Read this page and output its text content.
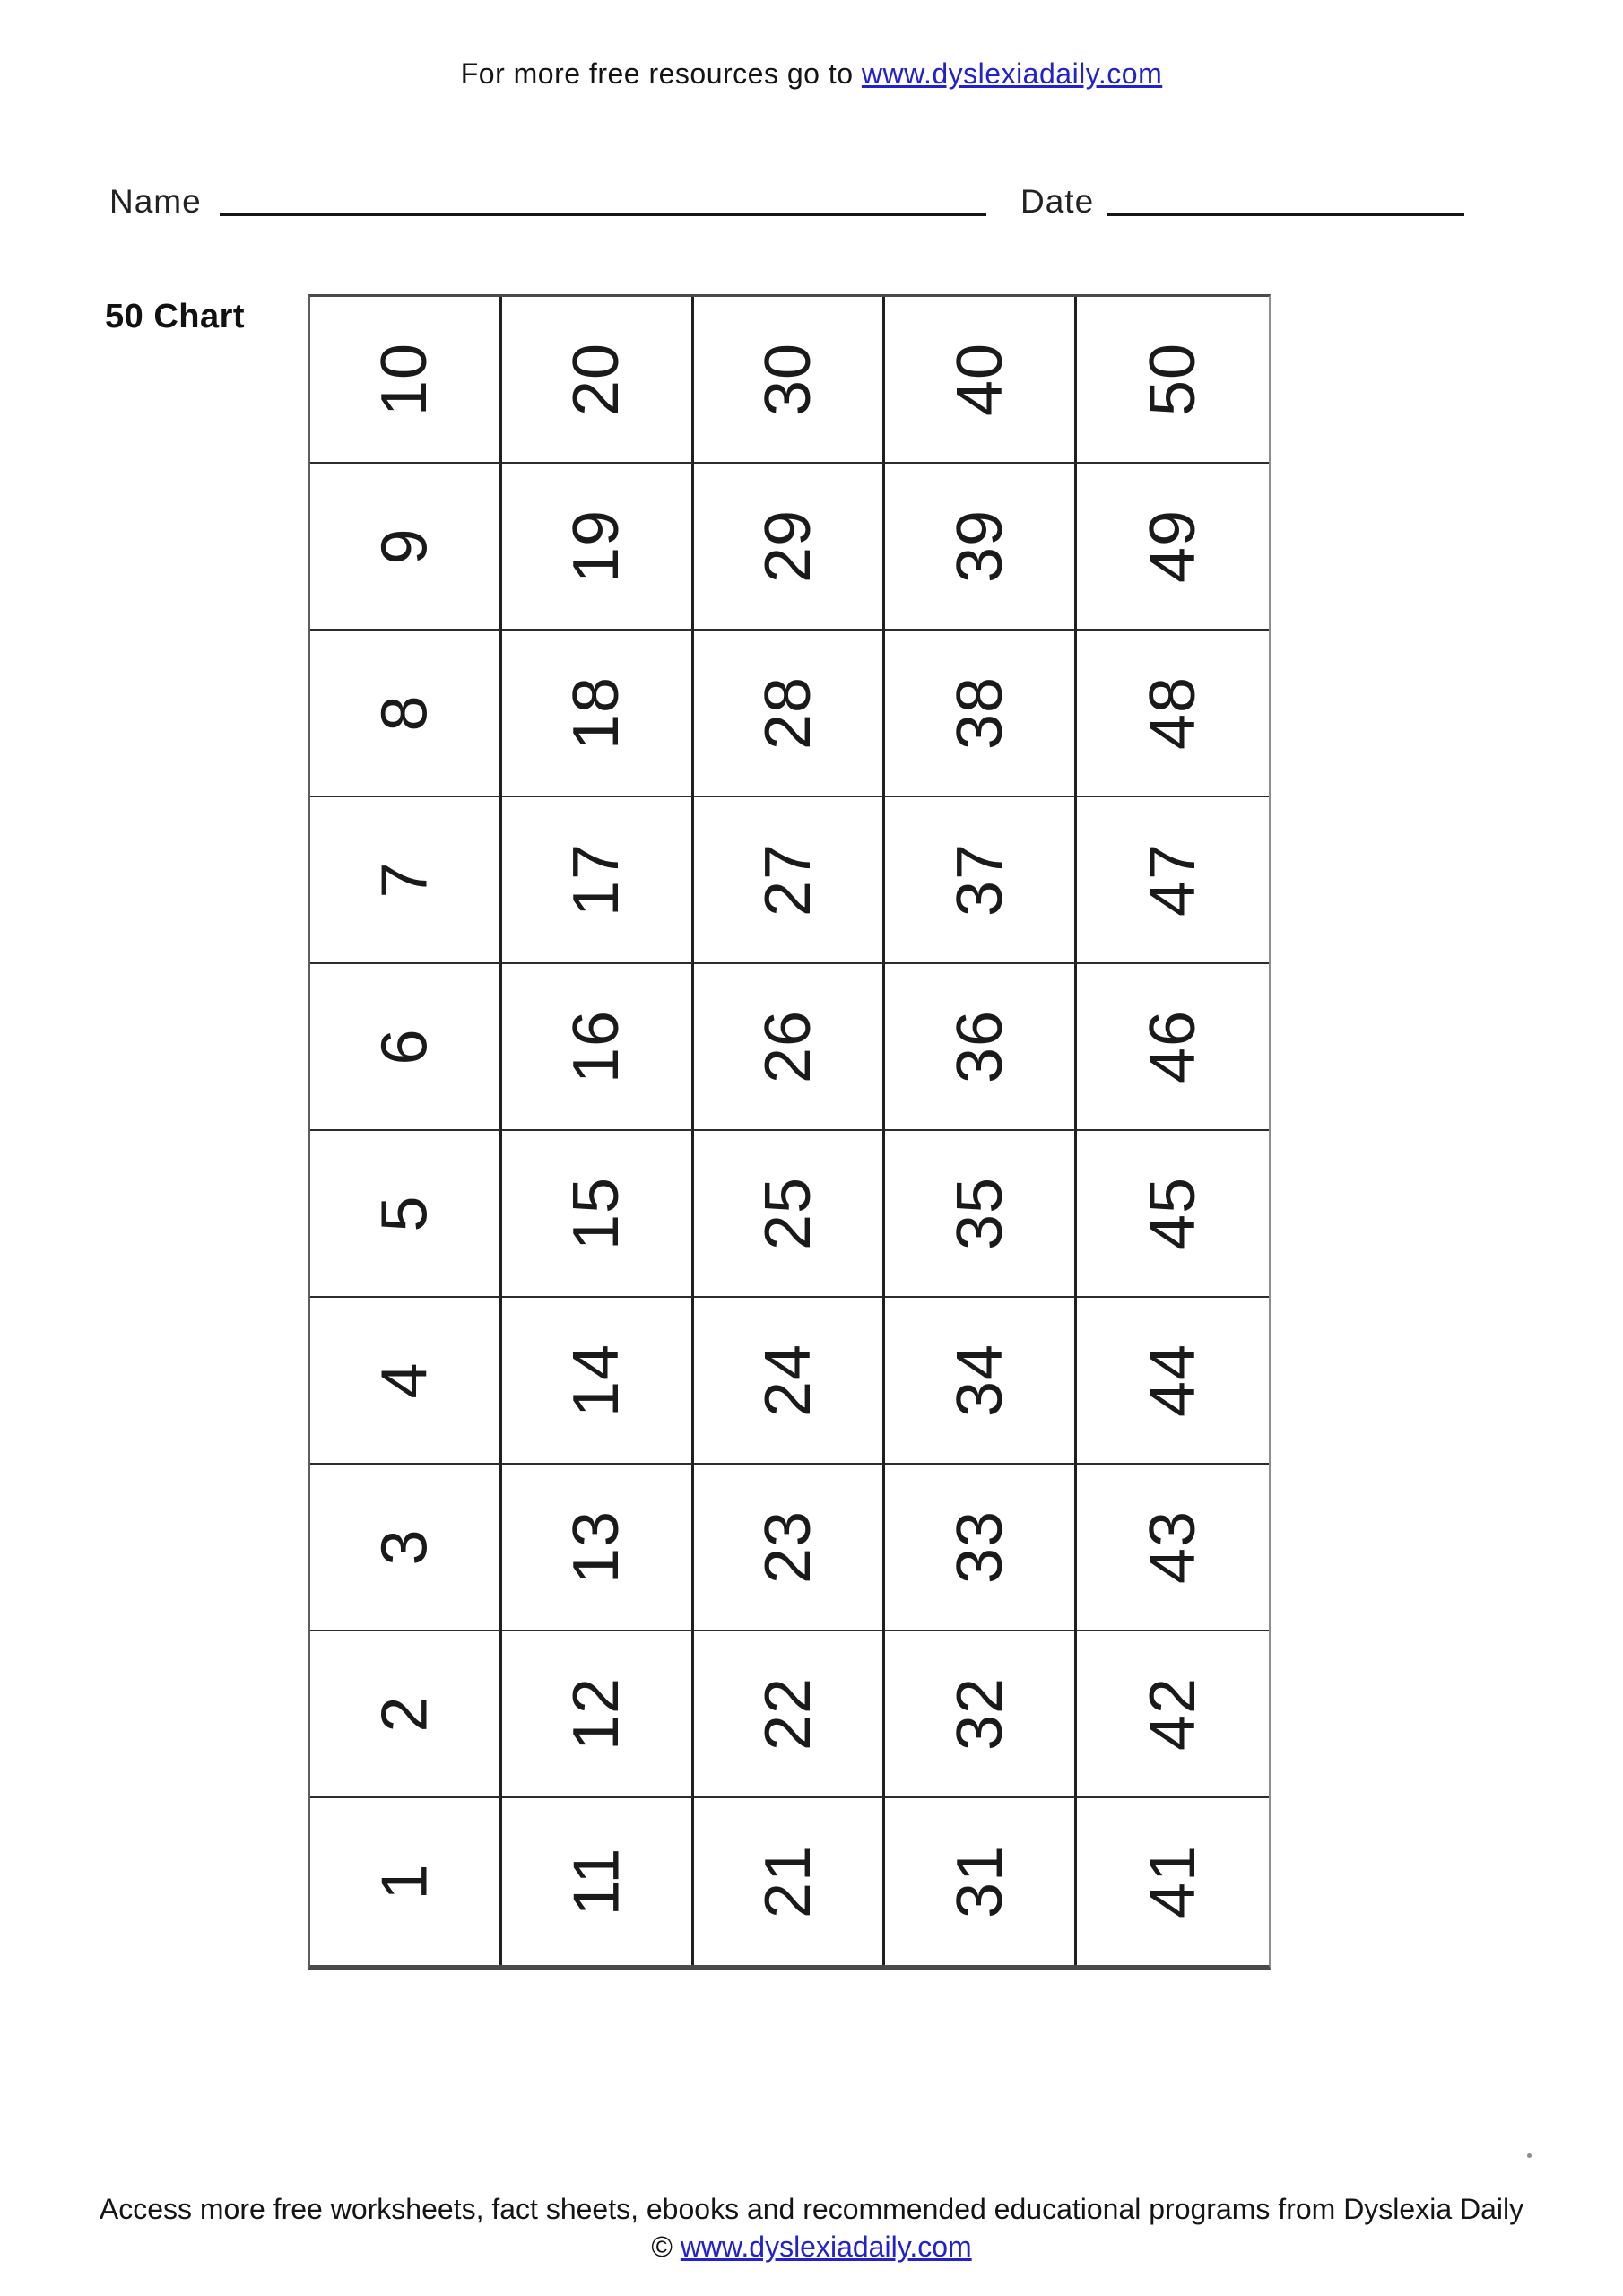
For more free resources go to www.dyslexiadaily.com
Name	Date
50 Chart
10 20 30 40 50
9 19 29 39 49
8 18 28 38 48
7 17 27 37 47
6 16 26 36 46
5 15 25 35 45
4 14 24 34 44
3 13 23 33 43
2 12 22 32 42
1 11 21 31 41
Access more free worksheets, fact sheets, ebooks and recommended educational programs from Dyslexia Daily
© www.dyslexiadaily.com
